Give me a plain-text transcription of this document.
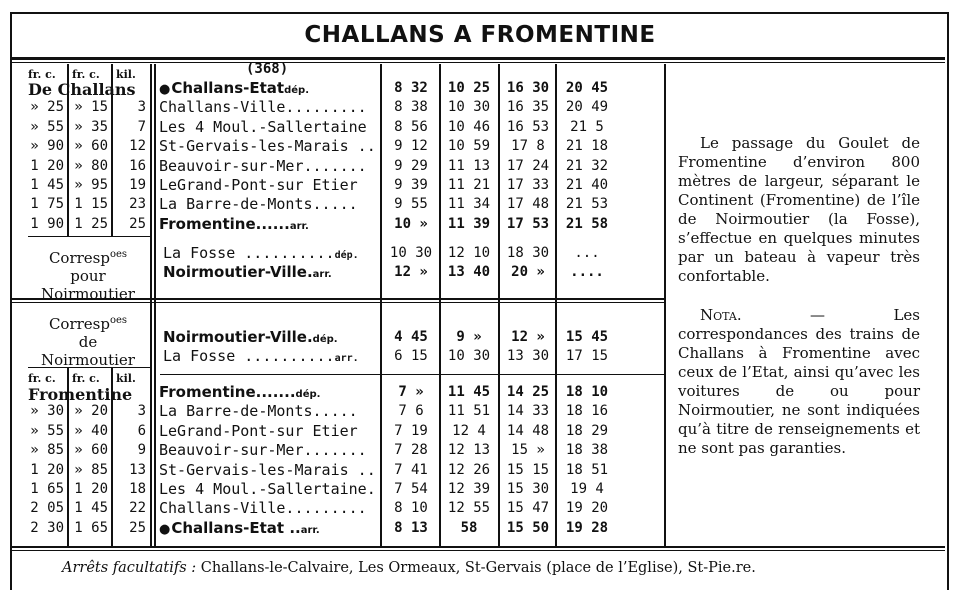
CHALLANS A FROMENTINE
(368)
fr. c. fr. c. kil.
De Challans	● Challans-Etatdép.	8 32	10 25	16 30	20 45
» 25 » 15	3 Challans-Ville.........	8 38	10 30	16 35	20 49
» 55 » 35	7 Les 4 Moul.-Sallertaine	8 56	10 46	16 53	21 5
» 90 » 60	12 St-Gervais-les-Marais ..	9 12	10 59	17 8	21 18
1 20 » 80	16 Beauvoir-sur-Mer.......	9 29	11 13	17 24	21 32
1 45 » 95	19 LeGrand-Pont-sur Etier	9 39	11 21	17 33	21 40
1 75 1 15	23 La Barre-de-Monts.....	9 55	11 34	17 48	21 53
1 90 1 25	25 Fromentine......arr.	10 »	11 39	17 53	21 58
Corresp$^{oes}$
pour
Noirmoutier
La Fosse ..........dép.	10 30	12 10	18 30	...
Noirmoutier-Ville.arr.	12 »	13 40	20 »	....
Corresp$^{oes}$
de
Noirmoutier
Noirmoutier-Ville.dép.	4 45	9 »	12 »	15 45
La Fosse ..........arr.	6 15	10 30	13 30	17 15
fr. c. fr. c. kil.
Fromentine Fromentine.......dép.	7 »	11 45	14 25	18 10
» 30 » 20	3 La Barre-de-Monts.....	7 6	11 51	14 33	18 16
» 55 » 40	6 LeGrand-Pont-sur Etier	7 19	12 4	14 48	18 29
» 85 » 60	9 Beauvoir-sur-Mer.......	7 28	12 13	15 »	18 38
1 20 » 85	13 St-Gervais-les-Marais ..	7 41	12 26	15 15	18 51
1 65 1 20	18 Les 4 Moul.-Sallertaine.	7 54	12 39	15 30	19 4
2 05 1 45	22 Challans-Ville.........	8 10	12 55	15 47	19 20
2 30 1 65	25	● Challans-Etat ..arr.	8 13	58	15 50	19 28

Le passage du Goulet de Fromentine d’environ 800 mètres de largeur, séparant le Continent (Fromentine) de l’île de Noirmoutier (la Fosse), s’effectue en quelques minutes par un bateau à vapeur très confortable.

Nota. — Les correspondances des trains de Challans à Fromentine avec ceux de l’Etat, ainsi qu’avec les voitures de ou pour Noirmoutier, ne sont indiquées qu’à titre de renseignements et ne sont pas garanties.

Arrêts facultatifs : Challans-le-Calvaire, Les Ormeaux, St-Gervais (place de l’Eglise), St-Pie.re.
